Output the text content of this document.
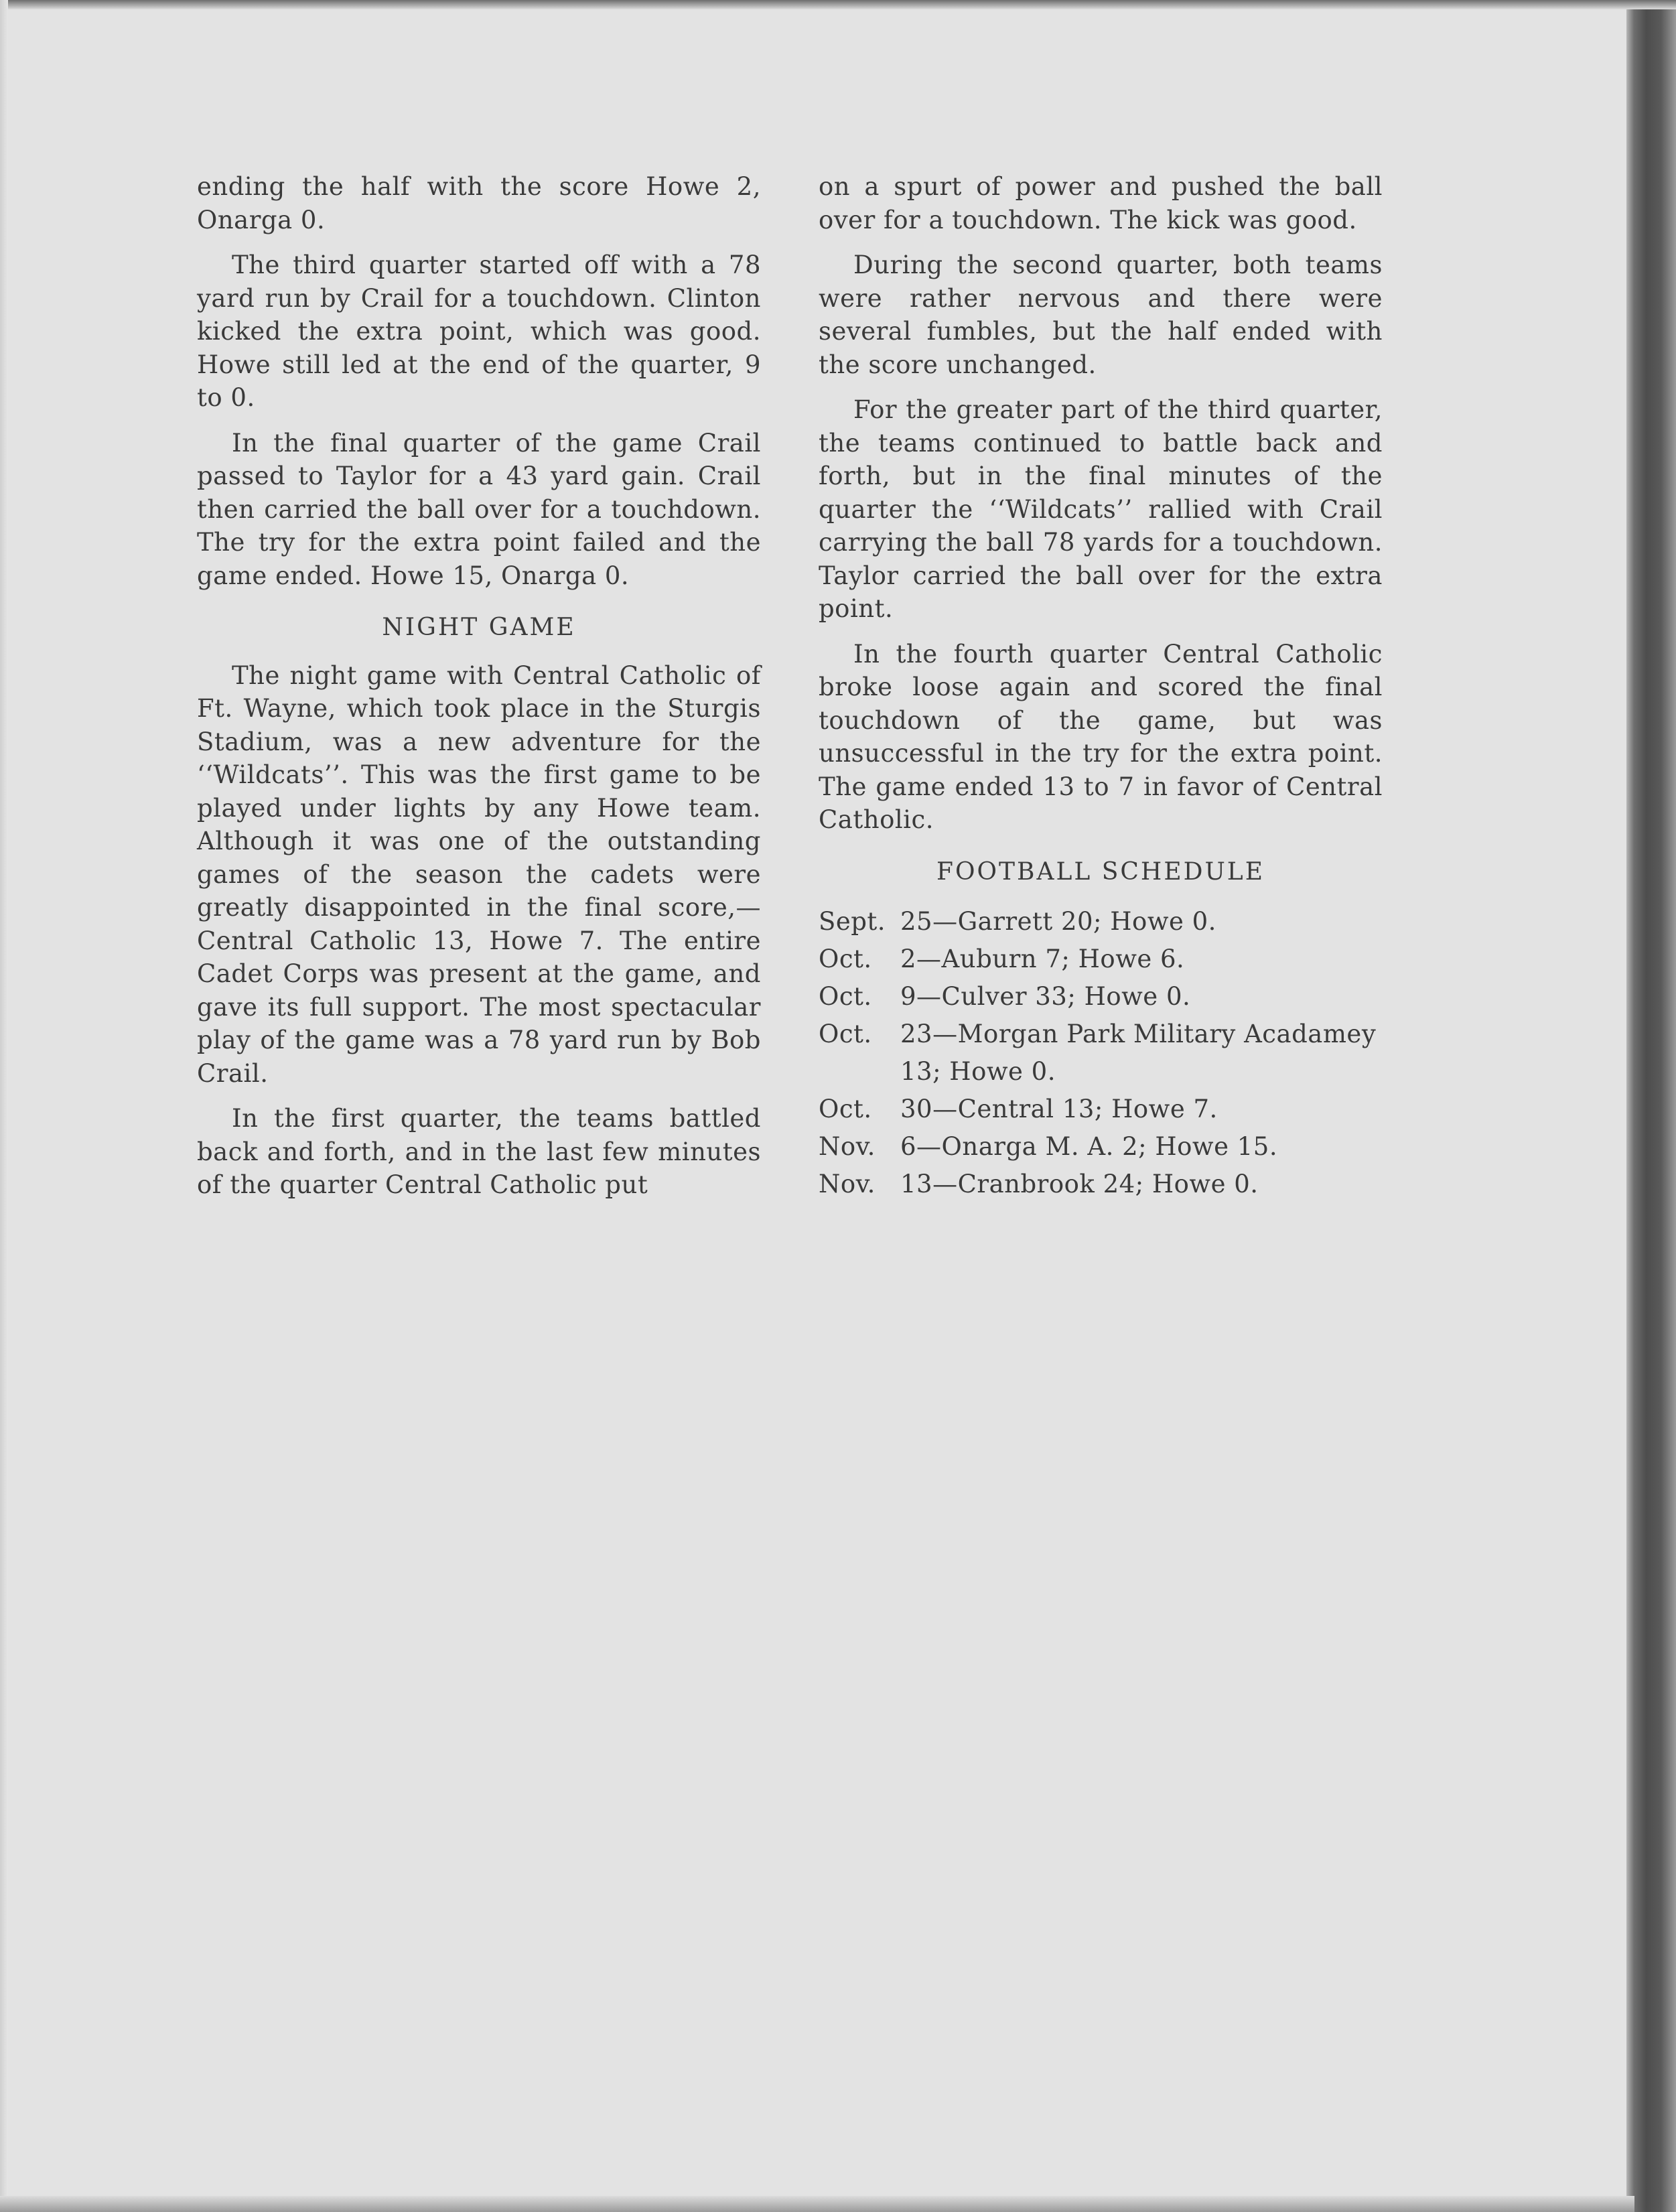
ending the half with the score Howe 2, Onarga 0.

The third quarter started off with a 78 yard run by Crail for a touchdown. Clinton kicked the extra point, which was good. Howe still led at the end of the quarter, 9 to 0.

In the final quarter of the game Crail passed to Taylor for a 43 yard gain. Crail then carried the ball over for a touchdown. The try for the extra point failed and the game ended. Howe 15, Onarga 0.

NIGHT GAME

The night game with Central Catholic of Ft. Wayne, which took place in the Sturgis Stadium, was a new adventure for the ‘‘Wildcats’’. This was the first game to be played under lights by any Howe team. Although it was one of the outstanding games of the season the cadets were greatly disappointed in the final score,—Central Catholic 13, Howe 7. The entire Cadet Corps was present at the game, and gave its full support. The most spectacular play of the game was a 78 yard run by Bob Crail.

In the first quarter, the teams battled back and forth, and in the last few minutes of the quarter Central Catholic put

on a spurt of power and pushed the ball over for a touchdown. The kick was good.

During the second quarter, both teams were rather nervous and there were several fumbles, but the half ended with the score unchanged.

For the greater part of the third quarter, the teams continued to battle back and forth, but in the final minutes of the quarter the ‘‘Wildcats’’ rallied with Crail carrying the ball 78 yards for a touchdown. Taylor carried the ball over for the extra point.

In the fourth quarter Central Catholic broke loose again and scored the final touchdown of the game, but was unsuccessful in the try for the extra point. The game ended 13 to 7 in favor of Central Catholic.

FOOTBALL SCHEDULE
Sept. 25—Garrett 20; Howe 0.
Oct.	2—Auburn 7; Howe 6.
Oct.	9—Culver 33; Howe 0.
Oct.	23—Morgan Park Military Acadamey 13; Howe 0.
Oct.	30—Central 13; Howe 7.
Nov.	6—Onarga M. A. 2; Howe 15.
Nov.	13—Cranbrook 24; Howe 0.
